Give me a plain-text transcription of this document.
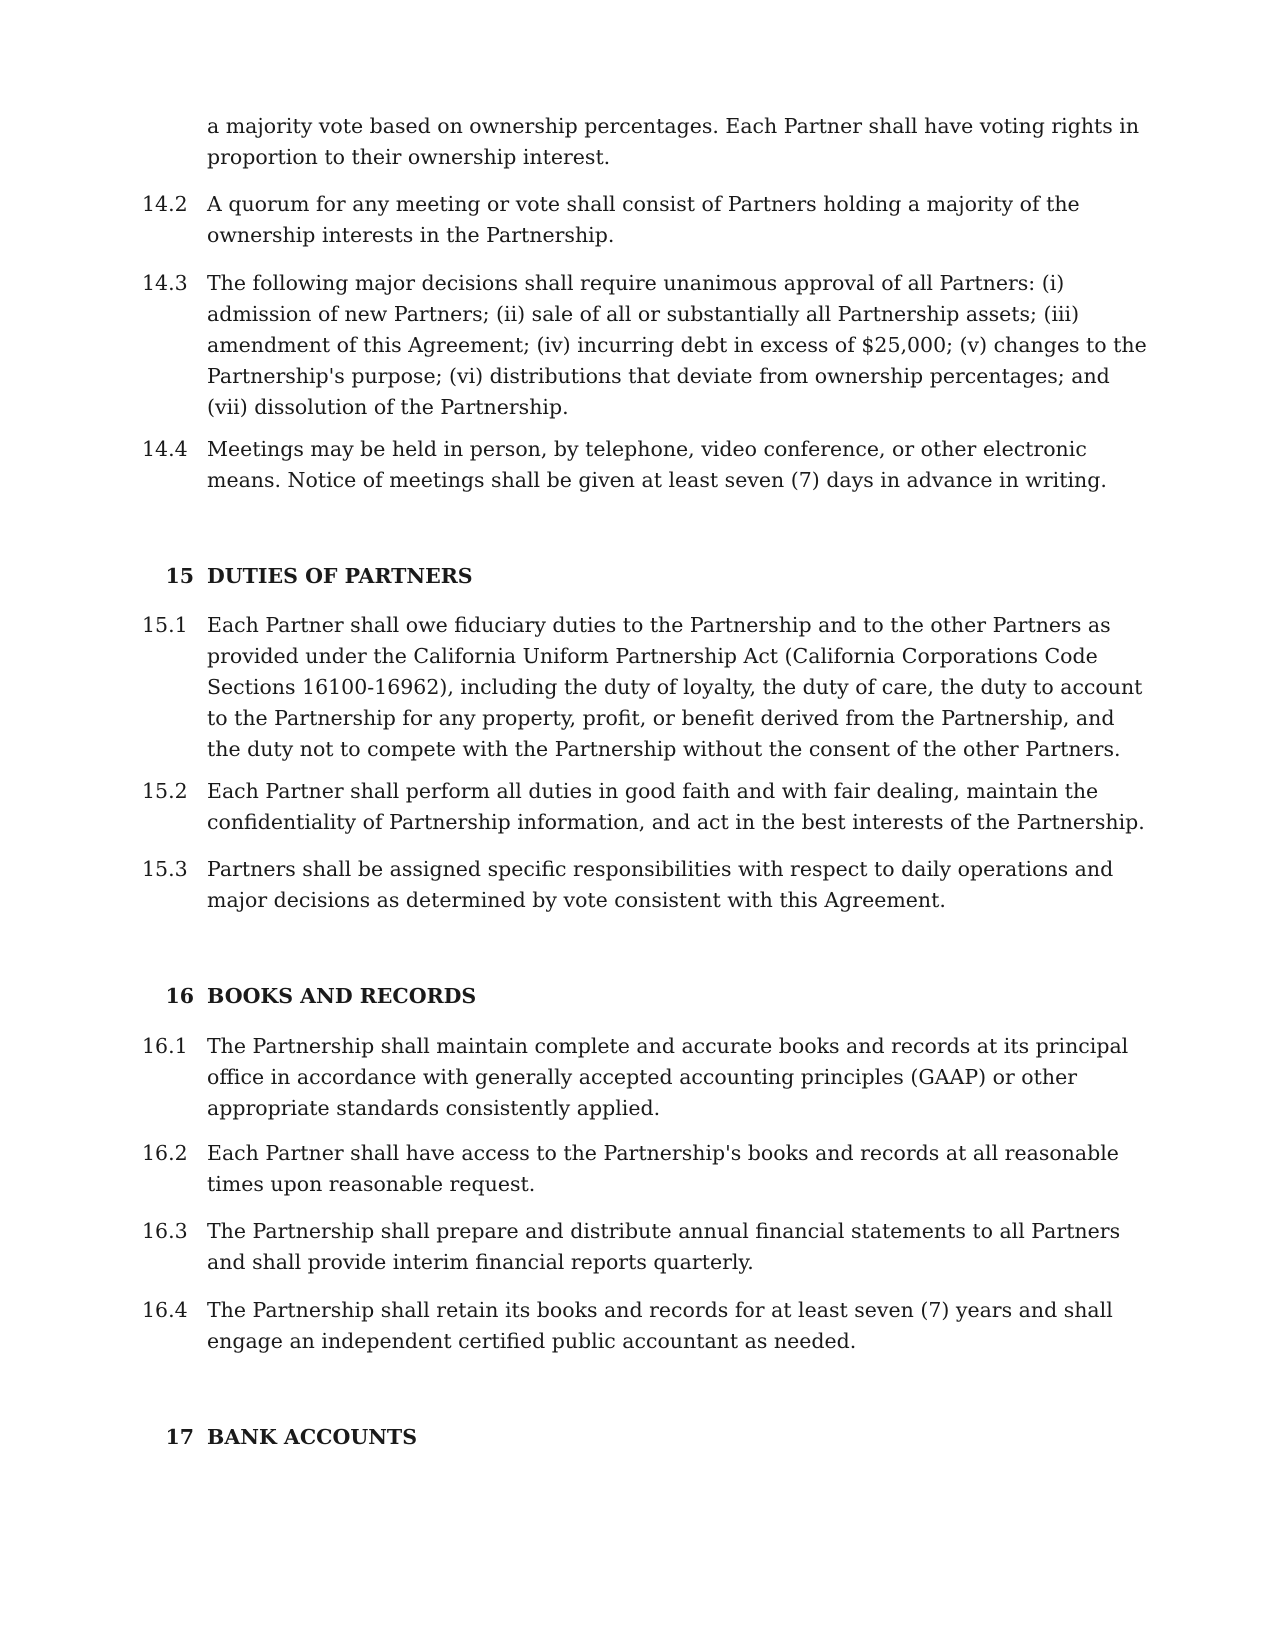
a majority vote based on ownership percentages. Each Partner shall have voting rights in proportion to their ownership interest.
14.2 A quorum for any meeting or vote shall consist of Partners holding a majority of the ownership interests in the Partnership.
14.3 The following major decisions shall require unanimous approval of all Partners: (i) admission of new Partners; (ii) sale of all or substantially all Partnership assets; (iii) amendment of this Agreement; (iv) incurring debt in excess of $25,000; (v) changes to the Partnership's purpose; (vi) distributions that deviate from ownership percentages; and (vii) dissolution of the Partnership.
14.4 Meetings may be held in person, by telephone, video conference, or other electronic means. Notice of meetings shall be given at least seven (7) days in advance in writing.
15 DUTIES OF PARTNERS
15.1 Each Partner shall owe fiduciary duties to the Partnership and to the other Partners as provided under the California Uniform Partnership Act (California Corporations Code Sections 16100-16962), including the duty of loyalty, the duty of care, the duty to account to the Partnership for any property, profit, or benefit derived from the Partnership, and the duty not to compete with the Partnership without the consent of the other Partners.
15.2 Each Partner shall perform all duties in good faith and with fair dealing, maintain the confidentiality of Partnership information, and act in the best interests of the Partnership.
15.3 Partners shall be assigned specific responsibilities with respect to daily operations and major decisions as determined by vote consistent with this Agreement.
16 BOOKS AND RECORDS
16.1 The Partnership shall maintain complete and accurate books and records at its principal office in accordance with generally accepted accounting principles (GAAP) or other appropriate standards consistently applied.
16.2 Each Partner shall have access to the Partnership's books and records at all reasonable times upon reasonable request.
16.3 The Partnership shall prepare and distribute annual financial statements to all Partners and shall provide interim financial reports quarterly.
16.4 The Partnership shall retain its books and records for at least seven (7) years and shall engage an independent certified public accountant as needed.
17 BANK ACCOUNTS
